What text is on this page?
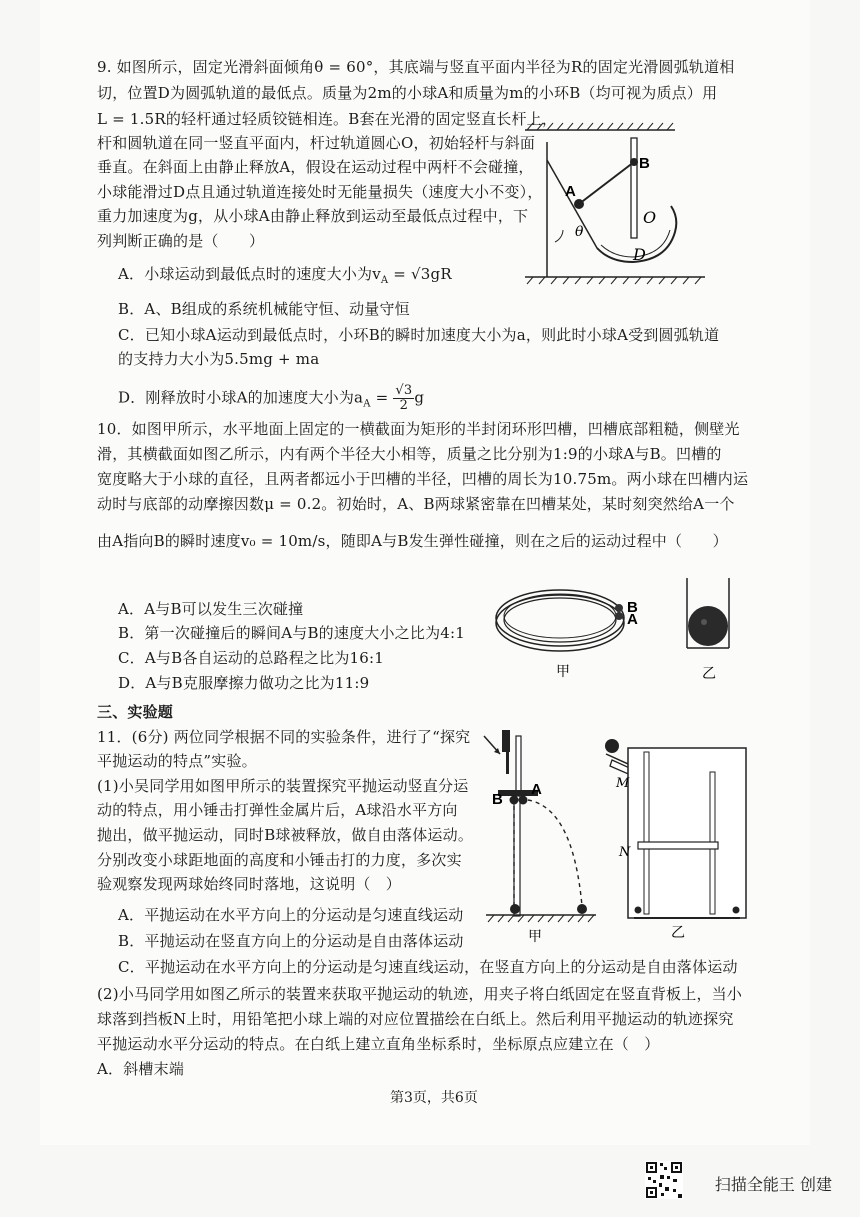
9. 如图所示，固定光滑斜面倾角θ = 60°，其底端与竖直平面内半径为R的固定光滑圆弧轨道相
切，位置D为圆弧轨道的最低点。质量为2m的小球A和质量为m的小环B（均可视为质点）用
L = 1.5R的轻杆通过轻质铰链相连。B套在光滑的固定竖直长杆上，
杆和圆轨道在同一竖直平面内，杆过轨道圆心O，初始轻杆与斜面
垂直。在斜面上由静止释放A，假设在运动过程中两杆不会碰撞，
小球能滑过D点且通过轨道连接处时无能量损失（速度大小不变），
重力加速度为g，从小球A由静止释放到运动至最低点过程中，下
列判断正确的是（　　）
A．小球运动到最低点时的速度大小为$v_A = √3gR$
B．A、B组成的系统机械能守恒、动量守恒
C．已知小球A运动到最低点时，小环B的瞬时加速度大小为a，则此时小球A受到圆弧轨道
的支持力大小为5.5mg + ma
D．刚释放时小球A的加速度大小为$a_A = \frac{√3}{2}$ g
B
A
O
D
θ
10．如图甲所示，水平地面上固定的一横截面为矩形的半封闭环形凹槽，凹槽底部粗糙，侧壁光
滑，其横截面如图乙所示，内有两个半径大小相等，质量之比分别为1:9的小球A与B。凹槽的
宽度略大于小球的直径，且两者都远小于凹槽的半径，凹槽的周长为10.75m。两小球在凹槽内运
动时与底部的动摩擦因数μ = 0.2。初始时，A、B两球紧密靠在凹槽某处，某时刻突然给A一个
由A指向B的瞬时速度v₀ = 10m/s，随即A与B发生弹性碰撞，则在之后的运动过程中（　　）
A．A与B可以发生三次碰撞
B．第一次碰撞后的瞬间A与B的速度大小之比为4:1
C．A与B各自运动的总路程之比为16:1
D．A与B克服摩擦力做功之比为11:9
B
A
甲	乙
三、实验题
11．(6分) 两位同学根据不同的实验条件，进行了“探究
平抛运动的特点”实验。
(1)小吴同学用如图甲所示的装置探究平抛运动竖直分运
动的特点，用小锤击打弹性金属片后，A球沿水平方向
抛出，做平抛运动，同时B球被释放，做自由落体运动。
分别改变小球距地面的高度和小锤击打的力度，多次实
验观察发现两球始终同时落地，这说明（　）
A．平抛运动在水平方向上的分运动是匀速直线运动
B．平抛运动在竖直方向上的分运动是自由落体运动
C．平抛运动在水平方向上的分运动是匀速直线运动，在竖直方向上的分运动是自由落体运动
(2)小马同学用如图乙所示的装置来获取平抛运动的轨迹，用夹子将白纸固定在竖直背板上，当小
球落到挡板N上时，用铅笔把小球上端的对应位置描绘在白纸上。然后利用平抛运动的轨迹探究
平抛运动水平分运动的特点。在白纸上建立直角坐标系时，坐标原点应建立在（　）
A．斜槽末端
B
A
甲
M
N
乙
第3页，共6页
扫描全能王 创建
